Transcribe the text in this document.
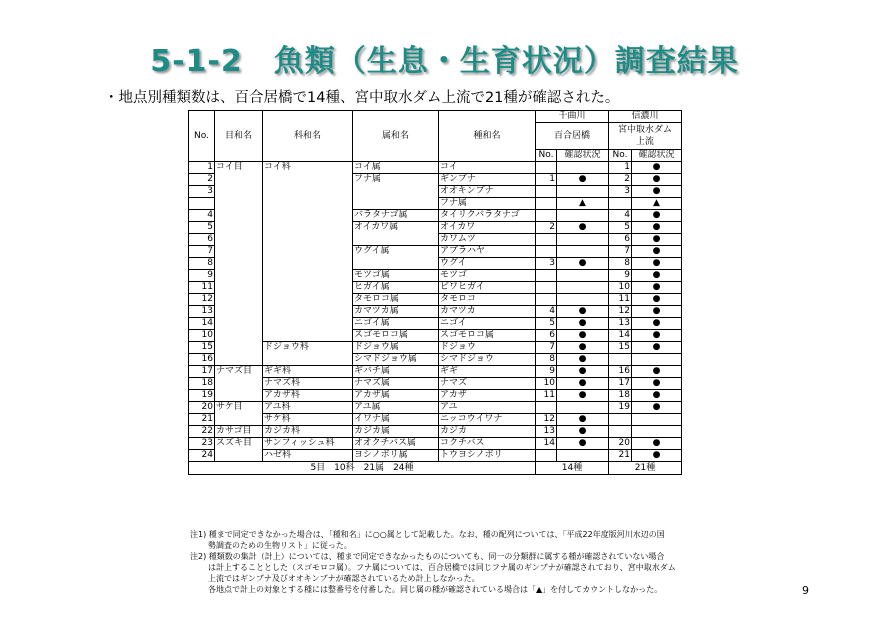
5-1-2　魚類（生息・生育状況）調査結果
・地点別種類数は、百合居橋で14種、宮中取水ダム上流で21種が確認された。
No.	目和名	科和名	属和名	種和名	千曲川		信濃川	
					百合居橋		宮中取水ダム上流	
					No.	確認状況	No.	確認状況
1	コイ目	コイ科	コイ属	コイ			1	●
2			フナ属	ギンブナ	1	●	2	●
3				オオキンブナ			3	●
				フナ属		▲		▲
4			バラタナゴ属	タイリクバラタナゴ			4	●
5			オイカワ属	オイカワ	2	●	5	●
6				カワムツ			6	●
7			ウグイ属	アブラハヤ			7	●
8				ウグイ	3	●	8	●
9			モツゴ属	モツゴ			9	●
11			ヒガイ属	ビワヒガイ			10	●
12			タモロコ属	タモロコ			11	●
13			カマツカ属	カマツカ	4	●	12	●
14			ニゴイ属	ニゴイ	5	●	13	●
10			スゴモロコ属	スゴモロコ属	6	●	14	●
15		ドジョウ科	ドジョウ属	ドジョウ	7	●	15	●
16			シマドジョウ属	シマドジョウ	8	●		
17	ナマズ目	ギギ科	ギバチ属	ギギ	9	●	16	●
18		ナマズ科	ナマズ属	ナマズ	10	●	17	●
19		アカザ科	アカザ属	アカザ	11	●	18	●
20	サケ目	アユ科	アユ属	アユ			19	●
21		サケ科	イワナ属	ニッコウイワナ	12	●		
22	カサゴ目	カジカ科	カジカ属	カジカ	13	●		
23	スズキ目	サンフィッシュ科	オオクチバス属	コクチバス	14	●	20	●
24		ハゼ科	ヨシノボリ属	トウヨシノボリ			21	●
5目　10科　21属　24種					14種		21種	
注1) 種まで同定できなかった場合は、「種和名」に○○属として記載した。なお、種の配列については、「平成22年度版河川水辺の国
勢調査のための生物リスト」に従った。
注2) 種類数の集計（計上）については、種まで同定できなかったものについても、同一の分類群に属する種が確認されていない場合
は計上することとした（スゴモロコ属）。フナ属については、百合居橋では同じフナ属のギンブナが確認されており、宮中取水ダム
上流ではギンブナ及びオオキンブナが確認されているため計上しなかった。
各地点で計上の対象とする種には整番号を付番した。同じ属の種が確認されている場合は「▲」を付してカウントしなかった。	9
